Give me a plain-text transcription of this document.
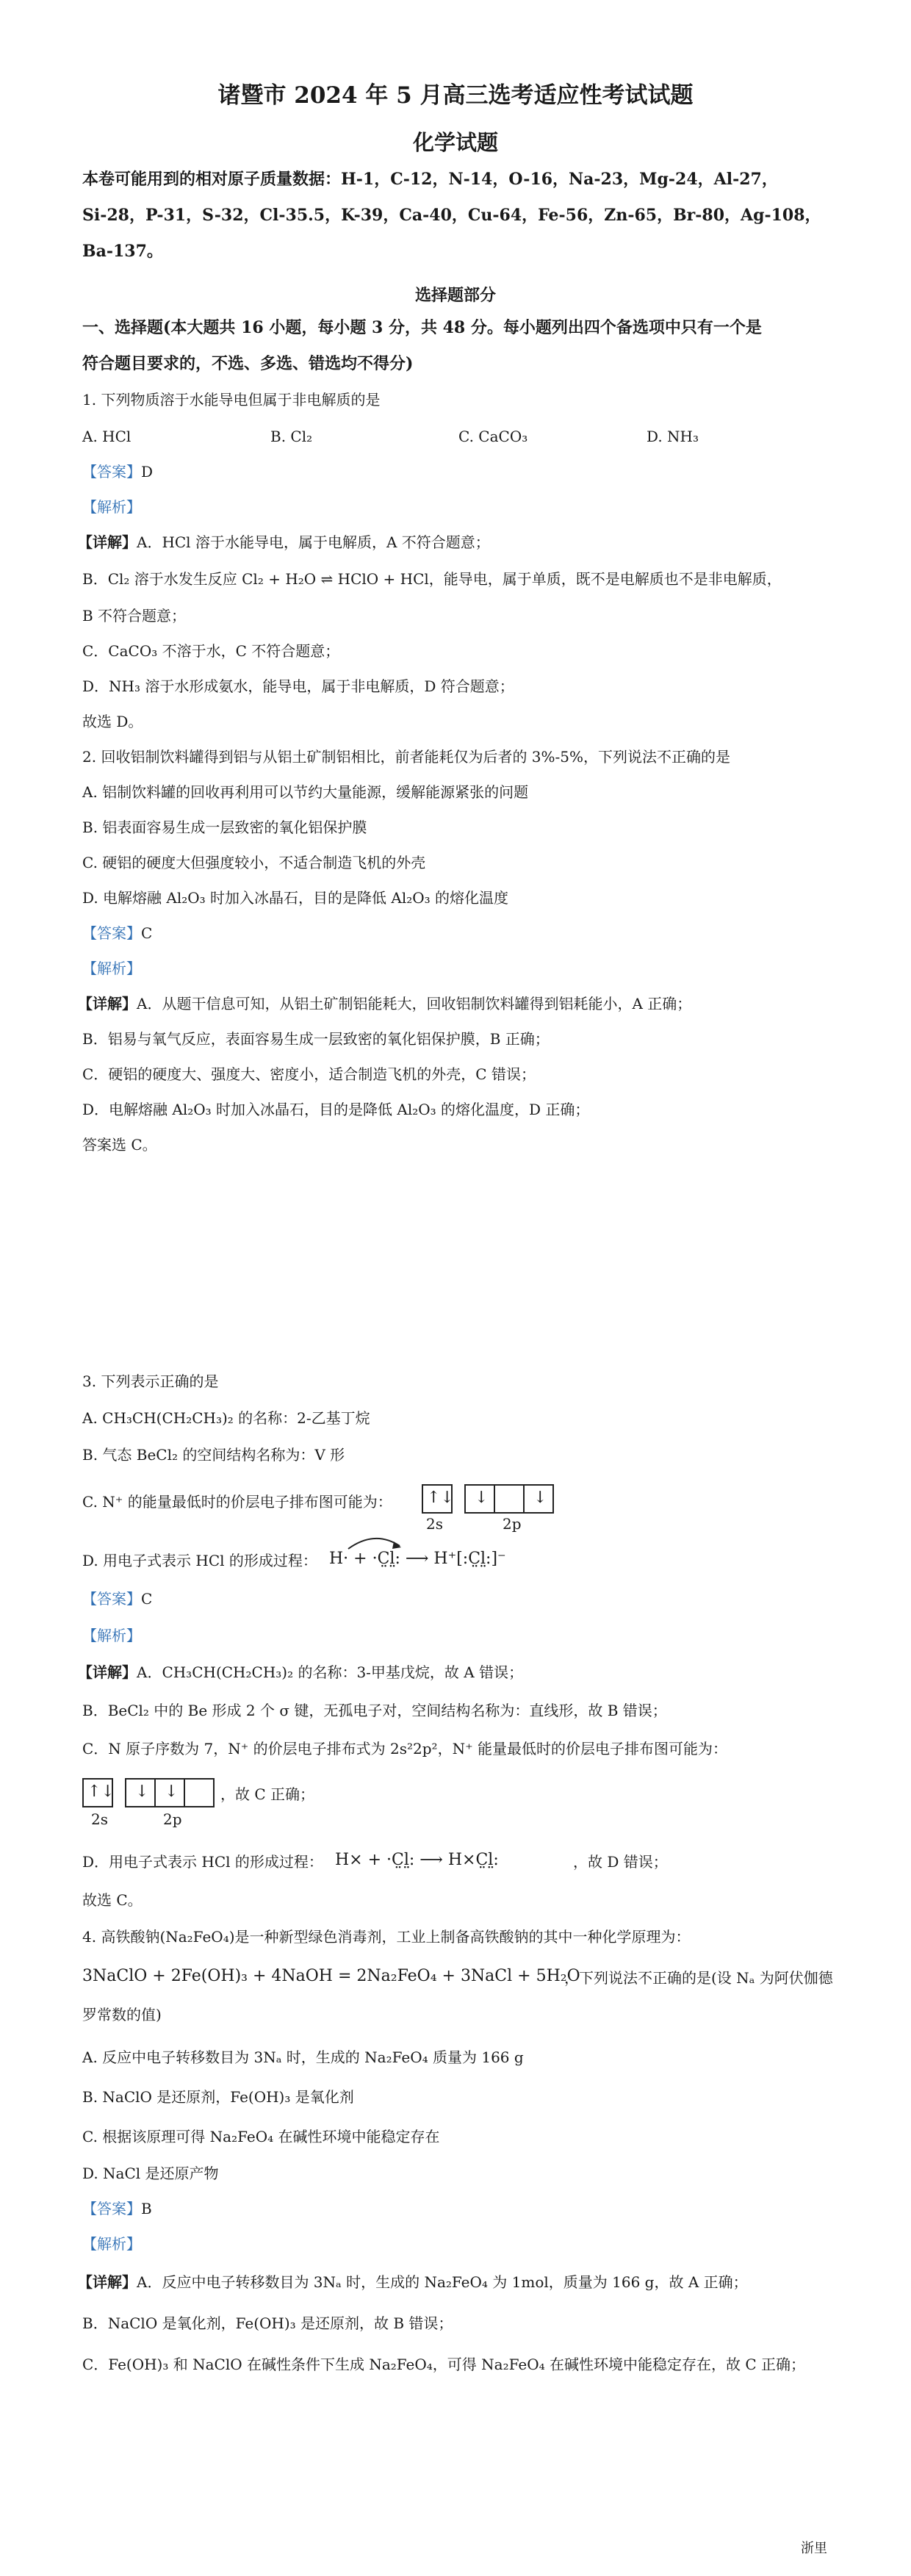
诸暨市 2024 年 5 月高三选考适应性考试试题
化学试题
本卷可能用到的相对原子质量数据：H-1，C-12，N-14，O-16，Na-23，Mg-24，Al-27，
Si-28，P-31，S-32，Cl-35.5，K-39，Ca-40，Cu-64，Fe-56，Zn-65，Br-80，Ag-108，
Ba-137。
选择题部分
一、选择题(本大题共 16 小题，每小题 3 分，共 48 分。每小题列出四个备选项中只有一个是
符合题目要求的，不选、多选、错选均不得分)
1. 下列物质溶于水能导电但属于非电解质的是
A. HCl	B. Cl₂	C. CaCO₃	D. NH₃
【答案】D
【解析】
【详解】A．HCl 溶于水能导电，属于电解质，A 不符合题意；
B．Cl₂ 溶于水发生反应 Cl₂ + H₂O ⇌ HClO + HCl，能导电，属于单质，既不是电解质也不是非电解质，
B 不符合题意；
C．CaCO₃ 不溶于水，C 不符合题意；
D．NH₃ 溶于水形成氨水，能导电，属于非电解质，D 符合题意；
故选 D。
2. 回收铝制饮料罐得到铝与从铝土矿制铝相比，前者能耗仅为后者的 3%-5%，下列说法不正确的是
A. 铝制饮料罐的回收再利用可以节约大量能源，缓解能源紧张的问题
B. 铝表面容易生成一层致密的氧化铝保护膜
C. 硬铝的硬度大但强度较小，不适合制造飞机的外壳
D. 电解熔融 Al₂O₃ 时加入冰晶石，目的是降低 Al₂O₃ 的熔化温度
【答案】C
【解析】
【详解】A．从题干信息可知，从铝土矿制铝能耗大，回收铝制饮料罐得到铝耗能小，A 正确；
B．铝易与氧气反应，表面容易生成一层致密的氧化铝保护膜，B 正确；
C．硬铝的硬度大、强度大、密度小，适合制造飞机的外壳，C 错误；
D．电解熔融 Al₂O₃ 时加入冰晶石，目的是降低 Al₂O₃ 的熔化温度，D 正确；
答案选 C。
3. 下列表示正确的是
A. CH₃CH(CH₂CH₃)₂ 的名称：2-乙基丁烷
B. 气态 BeCl₂ 的空间结构名称为：V 形
C. N⁺ 的能量最低时的价层电子排布图可能为： ↑↓ ↓	↓
2s	2p
D. 用电子式表示 HCl 的形成过程： H· + ·C̤l̤: ⟶ H⁺[:C̤l̤:]⁻
【答案】C
【解析】
【详解】A．CH₃CH(CH₂CH₃)₂ 的名称：3-甲基戊烷，故 A 错误；
B．BeCl₂ 中的 Be 形成 2 个 σ 键，无孤电子对，空间结构名称为：直线形，故 B 错误；
C．N 原子序数为 7，N⁺ 的价层电子排布式为 2s²2p²，N⁺ 能量最低时的价层电子排布图可能为：
↑↓ ↓ ↓
2s	2p
，故 C 正确；
D．用电子式表示 HCl 的形成过程： H× + ·C̤l̤: ⟶ H×C̤l̤:	，故 D 错误；
故选 C。
4. 高铁酸钠(Na₂FeO₄)是一种新型绿色消毒剂，工业上制备高铁酸钠的其中一种化学原理为：
3NaClO + 2Fe(OH)₃ + 4NaOH = 2Na₂FeO₄ + 3NaCl + 5H₂O
，下列说法不正确的是(设 Nₐ 为阿伏伽德
罗常数的值)
A. 反应中电子转移数目为 3Nₐ 时，生成的 Na₂FeO₄ 质量为 166 g
B. NaClO 是还原剂，Fe(OH)₃ 是氧化剂
C. 根据该原理可得 Na₂FeO₄ 在碱性环境中能稳定存在
D. NaCl 是还原产物
【答案】B
【解析】
【详解】A．反应中电子转移数目为 3Nₐ 时，生成的 Na₂FeO₄ 为 1mol，质量为 166 g，故 A 正确；
B．NaClO 是氧化剂，Fe(OH)₃ 是还原剂，故 B 错误；
C．Fe(OH)₃ 和 NaClO 在碱性条件下生成 Na₂FeO₄，可得 Na₂FeO₄ 在碱性环境中能稳定存在，故 C 正确；
浙里
